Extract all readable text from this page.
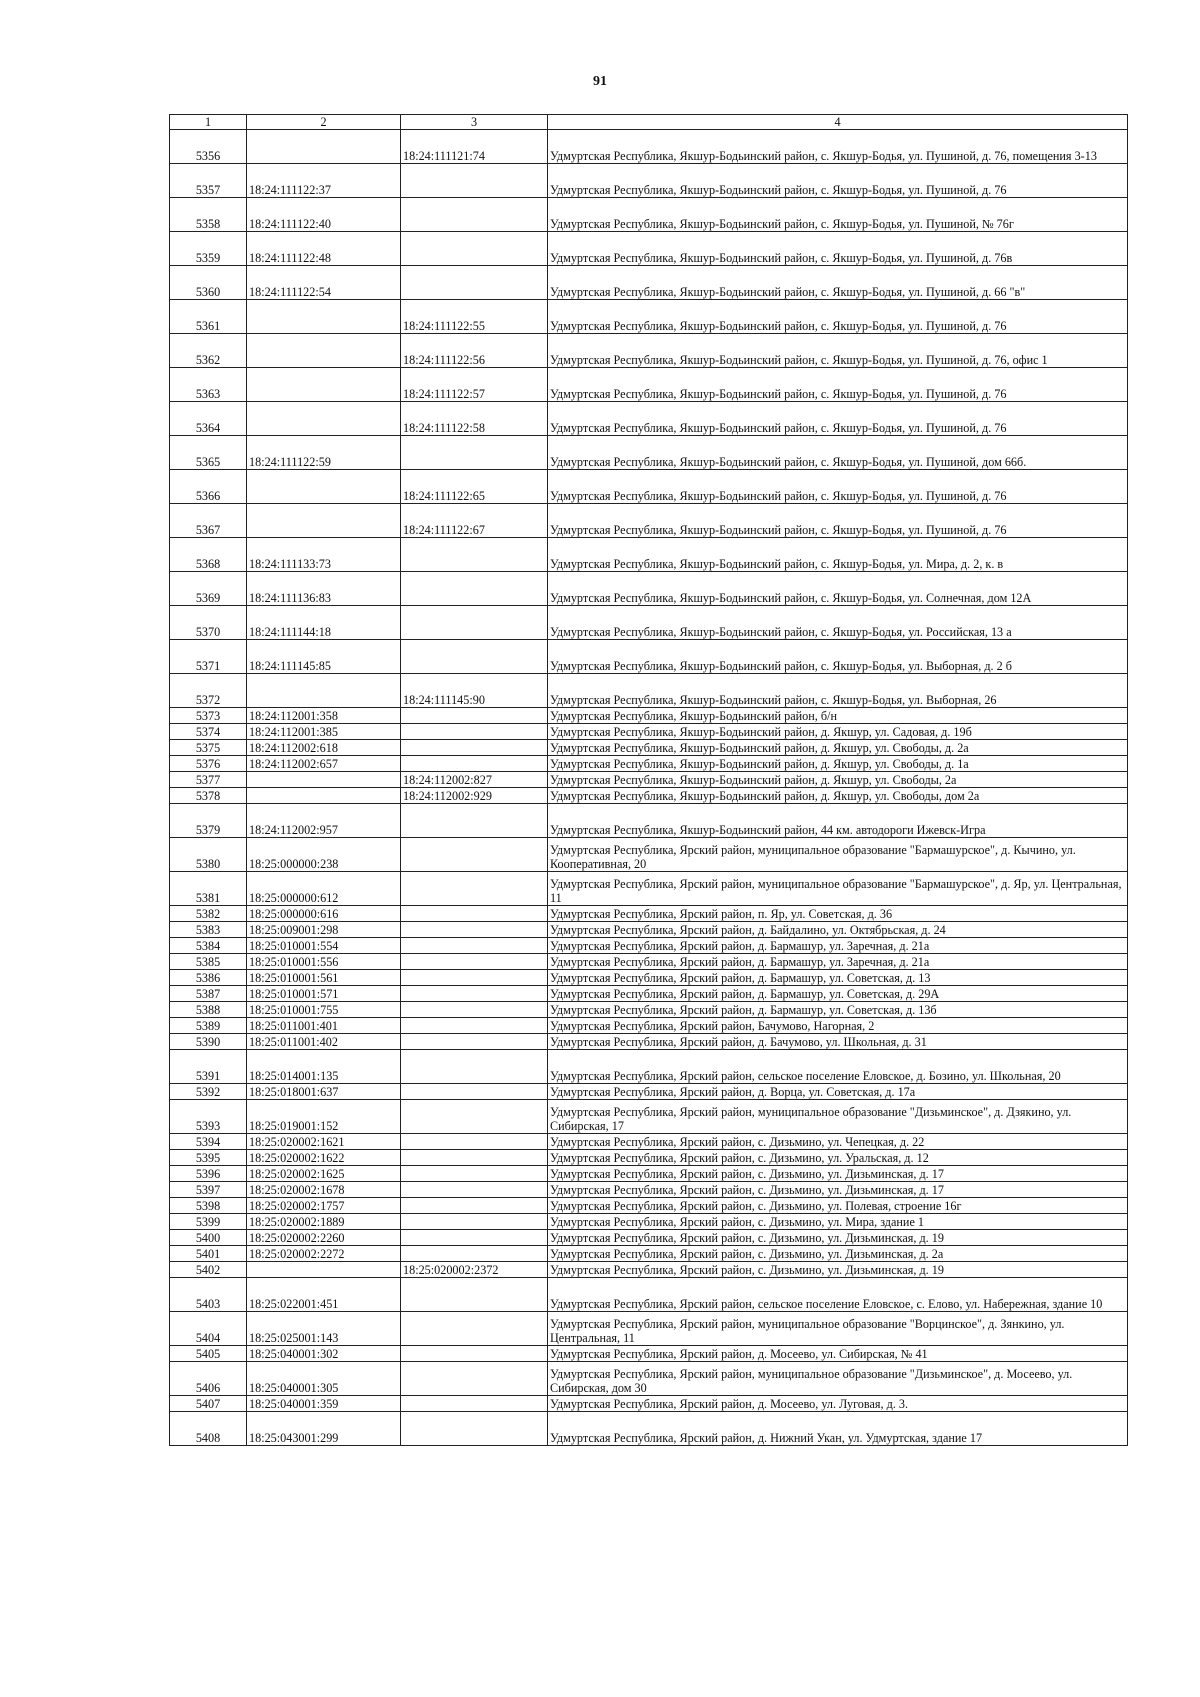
91
1	2	3	4
5356		18:24:111121:74	Удмуртская Республика, Якшур-Бодьинский район, с. Якшур-Бодья, ул. Пушиной, д. 76, помещения 3-13
5357	18:24:111122:37		Удмуртская Республика, Якшур-Бодьинский район, с. Якшур-Бодья, ул. Пушиной, д. 76
5358	18:24:111122:40		Удмуртская Республика, Якшур-Бодьинский район, с. Якшур-Бодья, ул. Пушиной, № 76г
5359	18:24:111122:48		Удмуртская Республика, Якшур-Бодьинский район, с. Якшур-Бодья, ул. Пушиной, д. 76в
5360	18:24:111122:54		Удмуртская Республика, Якшур-Бодьинский район, с. Якшур-Бодья, ул. Пушиной, д. 66 "в"
5361		18:24:111122:55	Удмуртская Республика, Якшур-Бодьинский район, с. Якшур-Бодья, ул. Пушиной, д. 76
5362		18:24:111122:56	Удмуртская Республика, Якшур-Бодьинский район, с. Якшур-Бодья, ул. Пушиной, д. 76, офис 1
5363		18:24:111122:57	Удмуртская Республика, Якшур-Бодьинский район, с. Якшур-Бодья, ул. Пушиной, д. 76
5364		18:24:111122:58	Удмуртская Республика, Якшур-Бодьинский район, с. Якшур-Бодья, ул. Пушиной, д. 76
5365	18:24:111122:59		Удмуртская Республика, Якшур-Бодьинский район, с. Якшур-Бодья, ул. Пушиной, дом 66б.
5366		18:24:111122:65	Удмуртская Республика, Якшур-Бодьинский район, с. Якшур-Бодья, ул. Пушиной, д. 76
5367		18:24:111122:67	Удмуртская Республика, Якшур-Бодьинский район, с. Якшур-Бодья, ул. Пушиной, д. 76
5368	18:24:111133:73		Удмуртская Республика, Якшур-Бодьинский район, с. Якшур-Бодья, ул. Мира, д. 2, к. в
5369	18:24:111136:83		Удмуртская Республика, Якшур-Бодьинский район, с. Якшур-Бодья, ул. Солнечная, дом 12А
5370	18:24:111144:18		Удмуртская Республика, Якшур-Бодьинский район, с. Якшур-Бодья, ул. Российская, 13 а
5371	18:24:111145:85		Удмуртская Республика, Якшур-Бодьинский район, с. Якшур-Бодья, ул. Выборная, д. 2 б
5372		18:24:111145:90	Удмуртская Республика, Якшур-Бодьинский район, с. Якшур-Бодья, ул. Выборная, 26
5373	18:24:112001:358		Удмуртская Республика, Якшур-Бодьинский район, б/н
5374	18:24:112001:385		Удмуртская Республика, Якшур-Бодьинский район, д. Якшур, ул. Садовая, д. 19б
5375	18:24:112002:618		Удмуртская Республика, Якшур-Бодьинский район, д. Якшур, ул. Свободы, д. 2а
5376	18:24:112002:657		Удмуртская Республика, Якшур-Бодьинский район, д. Якшур, ул. Свободы, д. 1а
5377		18:24:112002:827	Удмуртская Республика, Якшур-Бодьинский район, д. Якшур, ул. Свободы, 2а
5378		18:24:112002:929	Удмуртская Республика, Якшур-Бодьинский район, д. Якшур, ул. Свободы, дом 2а
5379	18:24:112002:957		Удмуртская Республика, Якшур-Бодьинский район, 44 км. автодороги Ижевск-Игра
5380	18:25:000000:238		Удмуртская Республика, Ярский район, муниципальное образование "Бармашурское", д. Кычино, ул. Кооперативная, 20
5381	18:25:000000:612		Удмуртская Республика, Ярский район, муниципальное образование "Бармашурское", д. Яр, ул. Центральная, 11
5382	18:25:000000:616		Удмуртская Республика, Ярский район, п. Яр, ул. Советская, д. 36
5383	18:25:009001:298		Удмуртская Республика, Ярский район, д. Байдалино, ул. Октябрьская, д. 24
5384	18:25:010001:554		Удмуртская Республика, Ярский район, д. Бармашур, ул. Заречная, д. 21а
5385	18:25:010001:556		Удмуртская Республика, Ярский район, д. Бармашур, ул. Заречная, д. 21а
5386	18:25:010001:561		Удмуртская Республика, Ярский район, д. Бармашур, ул. Советская, д. 13
5387	18:25:010001:571		Удмуртская Республика, Ярский район, д. Бармашур, ул. Советская, д. 29А
5388	18:25:010001:755		Удмуртская Республика, Ярский район, д. Бармашур, ул. Советская, д. 13б
5389	18:25:011001:401		Удмуртская Республика, Ярский район, Бачумово, Нагорная, 2
5390	18:25:011001:402		Удмуртская Республика, Ярский район, д. Бачумово, ул. Школьная, д. 31
5391	18:25:014001:135		Удмуртская Республика, Ярский район, сельское поселение Еловское, д. Бозино, ул. Школьная, 20
5392	18:25:018001:637		Удмуртская Республика, Ярский район, д. Ворца, ул. Советская, д. 17а
5393	18:25:019001:152		Удмуртская Республика, Ярский район, муниципальное образование "Дизьминское", д. Дзякино, ул. Сибирская, 17
5394	18:25:020002:1621		Удмуртская Республика, Ярский район, с. Дизьмино, ул. Чепецкая, д. 22
5395	18:25:020002:1622		Удмуртская Республика, Ярский район, с. Дизьмино, ул. Уральская, д. 12
5396	18:25:020002:1625		Удмуртская Республика, Ярский район, с. Дизьмино, ул. Дизьминская, д. 17
5397	18:25:020002:1678		Удмуртская Республика, Ярский район, с. Дизьмино, ул. Дизьминская, д. 17
5398	18:25:020002:1757		Удмуртская Республика, Ярский район, с. Дизьмино, ул. Полевая, строение 16г
5399	18:25:020002:1889		Удмуртская Республика, Ярский район, с. Дизьмино, ул. Мира, здание 1
5400	18:25:020002:2260		Удмуртская Республика, Ярский район, с. Дизьмино, ул. Дизьминская, д. 19
5401	18:25:020002:2272		Удмуртская Республика, Ярский район, с. Дизьмино, ул. Дизьминская, д. 2а
5402		18:25:020002:2372	Удмуртская Республика, Ярский район, с. Дизьмино, ул. Дизьминская, д. 19
5403	18:25:022001:451		Удмуртская Республика, Ярский район, сельское поселение Еловское, с. Елово, ул. Набережная, здание 10
5404	18:25:025001:143		Удмуртская Республика, Ярский район, муниципальное образование "Ворцинское", д. Зянкино, ул. Центральная, 11
5405	18:25:040001:302		Удмуртская Республика, Ярский район, д. Мосеево, ул. Сибирская, № 41
5406	18:25:040001:305		Удмуртская Республика, Ярский район, муниципальное образование "Дизьминское", д. Мосеево, ул. Сибирская, дом 30
5407	18:25:040001:359		Удмуртская Республика, Ярский район, д. Мосеево, ул. Луговая, д. 3.
5408	18:25:043001:299		Удмуртская Республика, Ярский район, д. Нижний Укан, ул. Удмуртская, здание 17
